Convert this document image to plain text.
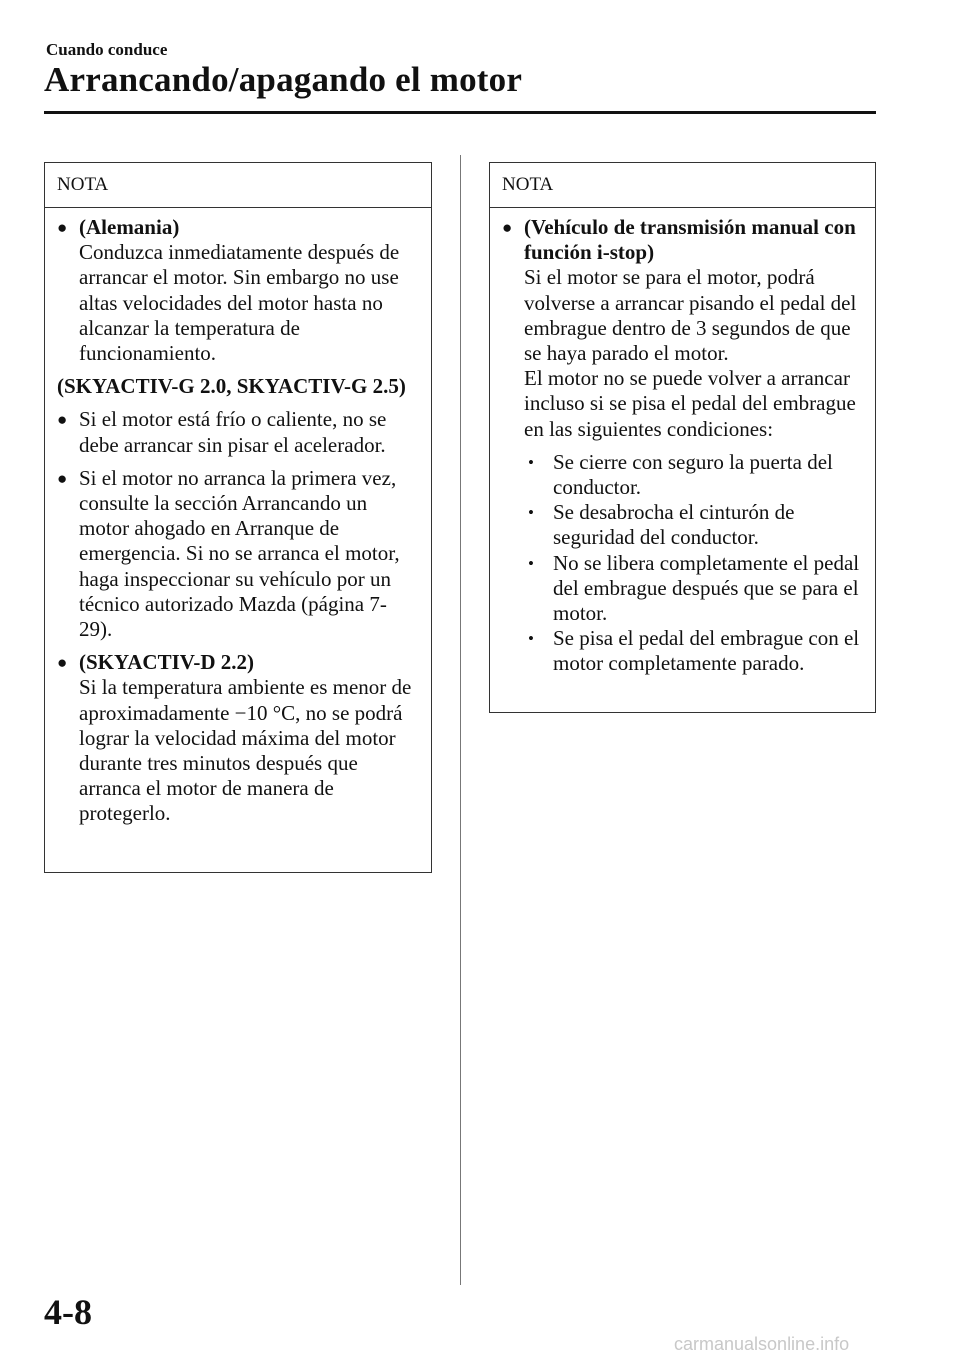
Cuando conduce

Arrancando/apagando el motor
NOTA
● (Alemania)
Conduzca inmediatamente después de arrancar el motor. Sin embargo no use altas velocidades del motor hasta no alcanzar la temperatura de funcionamiento.
(SKYACTIV-G 2.0, SKYACTIV-G 2.5)
● Si el motor está frío o caliente, no se debe arrancar sin pisar el acelerador.
● Si el motor no arranca la primera vez, consulte la sección Arrancando un motor ahogado en Arranque de emergencia. Si no se arranca el motor, haga inspeccionar su vehículo por un técnico autorizado Mazda (página 7-29).
● (SKYACTIV-D 2.2)
Si la temperatura ambiente es menor de aproximadamente −10 °C, no se podrá lograr la velocidad máxima del motor durante tres minutos después que arranca el motor de manera de protegerlo.
NOTA
● (Vehículo de transmisión manual con función i-stop)
Si el motor se para el motor, podrá volverse a arrancar pisando el pedal del embrague dentro de 3 segundos de que se haya parado el motor.
El motor no se puede volver a arrancar incluso si se pisa el pedal del embrague en las siguientes condiciones:
• Se cierre con seguro la puerta del conductor.
• Se desabrocha el cinturón de seguridad del conductor.
• No se libera completamente el pedal del embrague después que se para el motor.
• Se pisa el pedal del embrague con el motor completamente parado.

4-8

carmanualsonline.info
